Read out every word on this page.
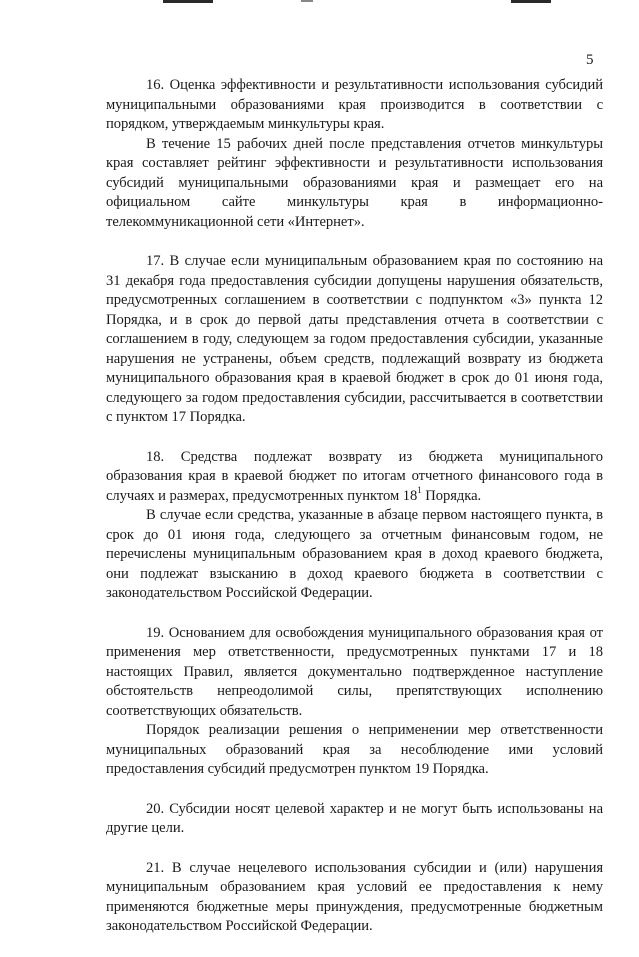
5

16. Оценка эффективности и результативности использования субсидий муниципальными образованиями края производится в соответствии с порядком, утверждаемым минкультуры края.

В течение 15 рабочих дней после представления отчетов минкультуры края составляет рейтинг эффективности и результативности использования субсидий муниципальными образованиями края и размещает его на официальном сайте минкультуры края в информационно-телекоммуникационной сети «Интернет».

17. В случае если муниципальным образованием края по состоянию на 31 декабря года предоставления субсидии допущены нарушения обязательств, предусмотренных соглашением в соответствии с подпунктом «3» пункта 12 Порядка, и в срок до первой даты представления отчета в соответствии с соглашением в году, следующем за годом предоставления субсидии, указанные нарушения не устранены, объем средств, подлежащий возврату из бюджета муниципального образования края в краевой бюджет в срок до 01 июня года, следующего за годом предоставления субсидии, рассчитывается в соответствии с пунктом 17 Порядка.

18. Средства подлежат возврату из бюджета муниципального образования края в краевой бюджет по итогам отчетного финансового года в случаях и размерах, предусмотренных пунктом $18^1$ Порядка.

В случае если средства, указанные в абзаце первом настоящего пункта, в срок до 01 июня года, следующего за отчетным финансовым годом, не перечислены муниципальным образованием края в доход краевого бюджета, они подлежат взысканию в доход краевого бюджета в соответствии с законодательством Российской Федерации.

19. Основанием для освобождения муниципального образования края от применения мер ответственности, предусмотренных пунктами 17 и 18 настоящих Правил, является документально подтвержденное наступление обстоятельств непреодолимой силы, препятствующих исполнению соответствующих обязательств.

Порядок реализации решения о неприменении мер ответственности муниципальных образований края за несоблюдение ими условий предоставления субсидий предусмотрен пунктом 19 Порядка.

20. Субсидии носят целевой характер и не могут быть использованы на другие цели.

21. В случае нецелевого использования субсидии и (или) нарушения муниципальным образованием края условий ее предоставления к нему применяются бюджетные меры принуждения, предусмотренные бюджетным законодательством Российской Федерации.
